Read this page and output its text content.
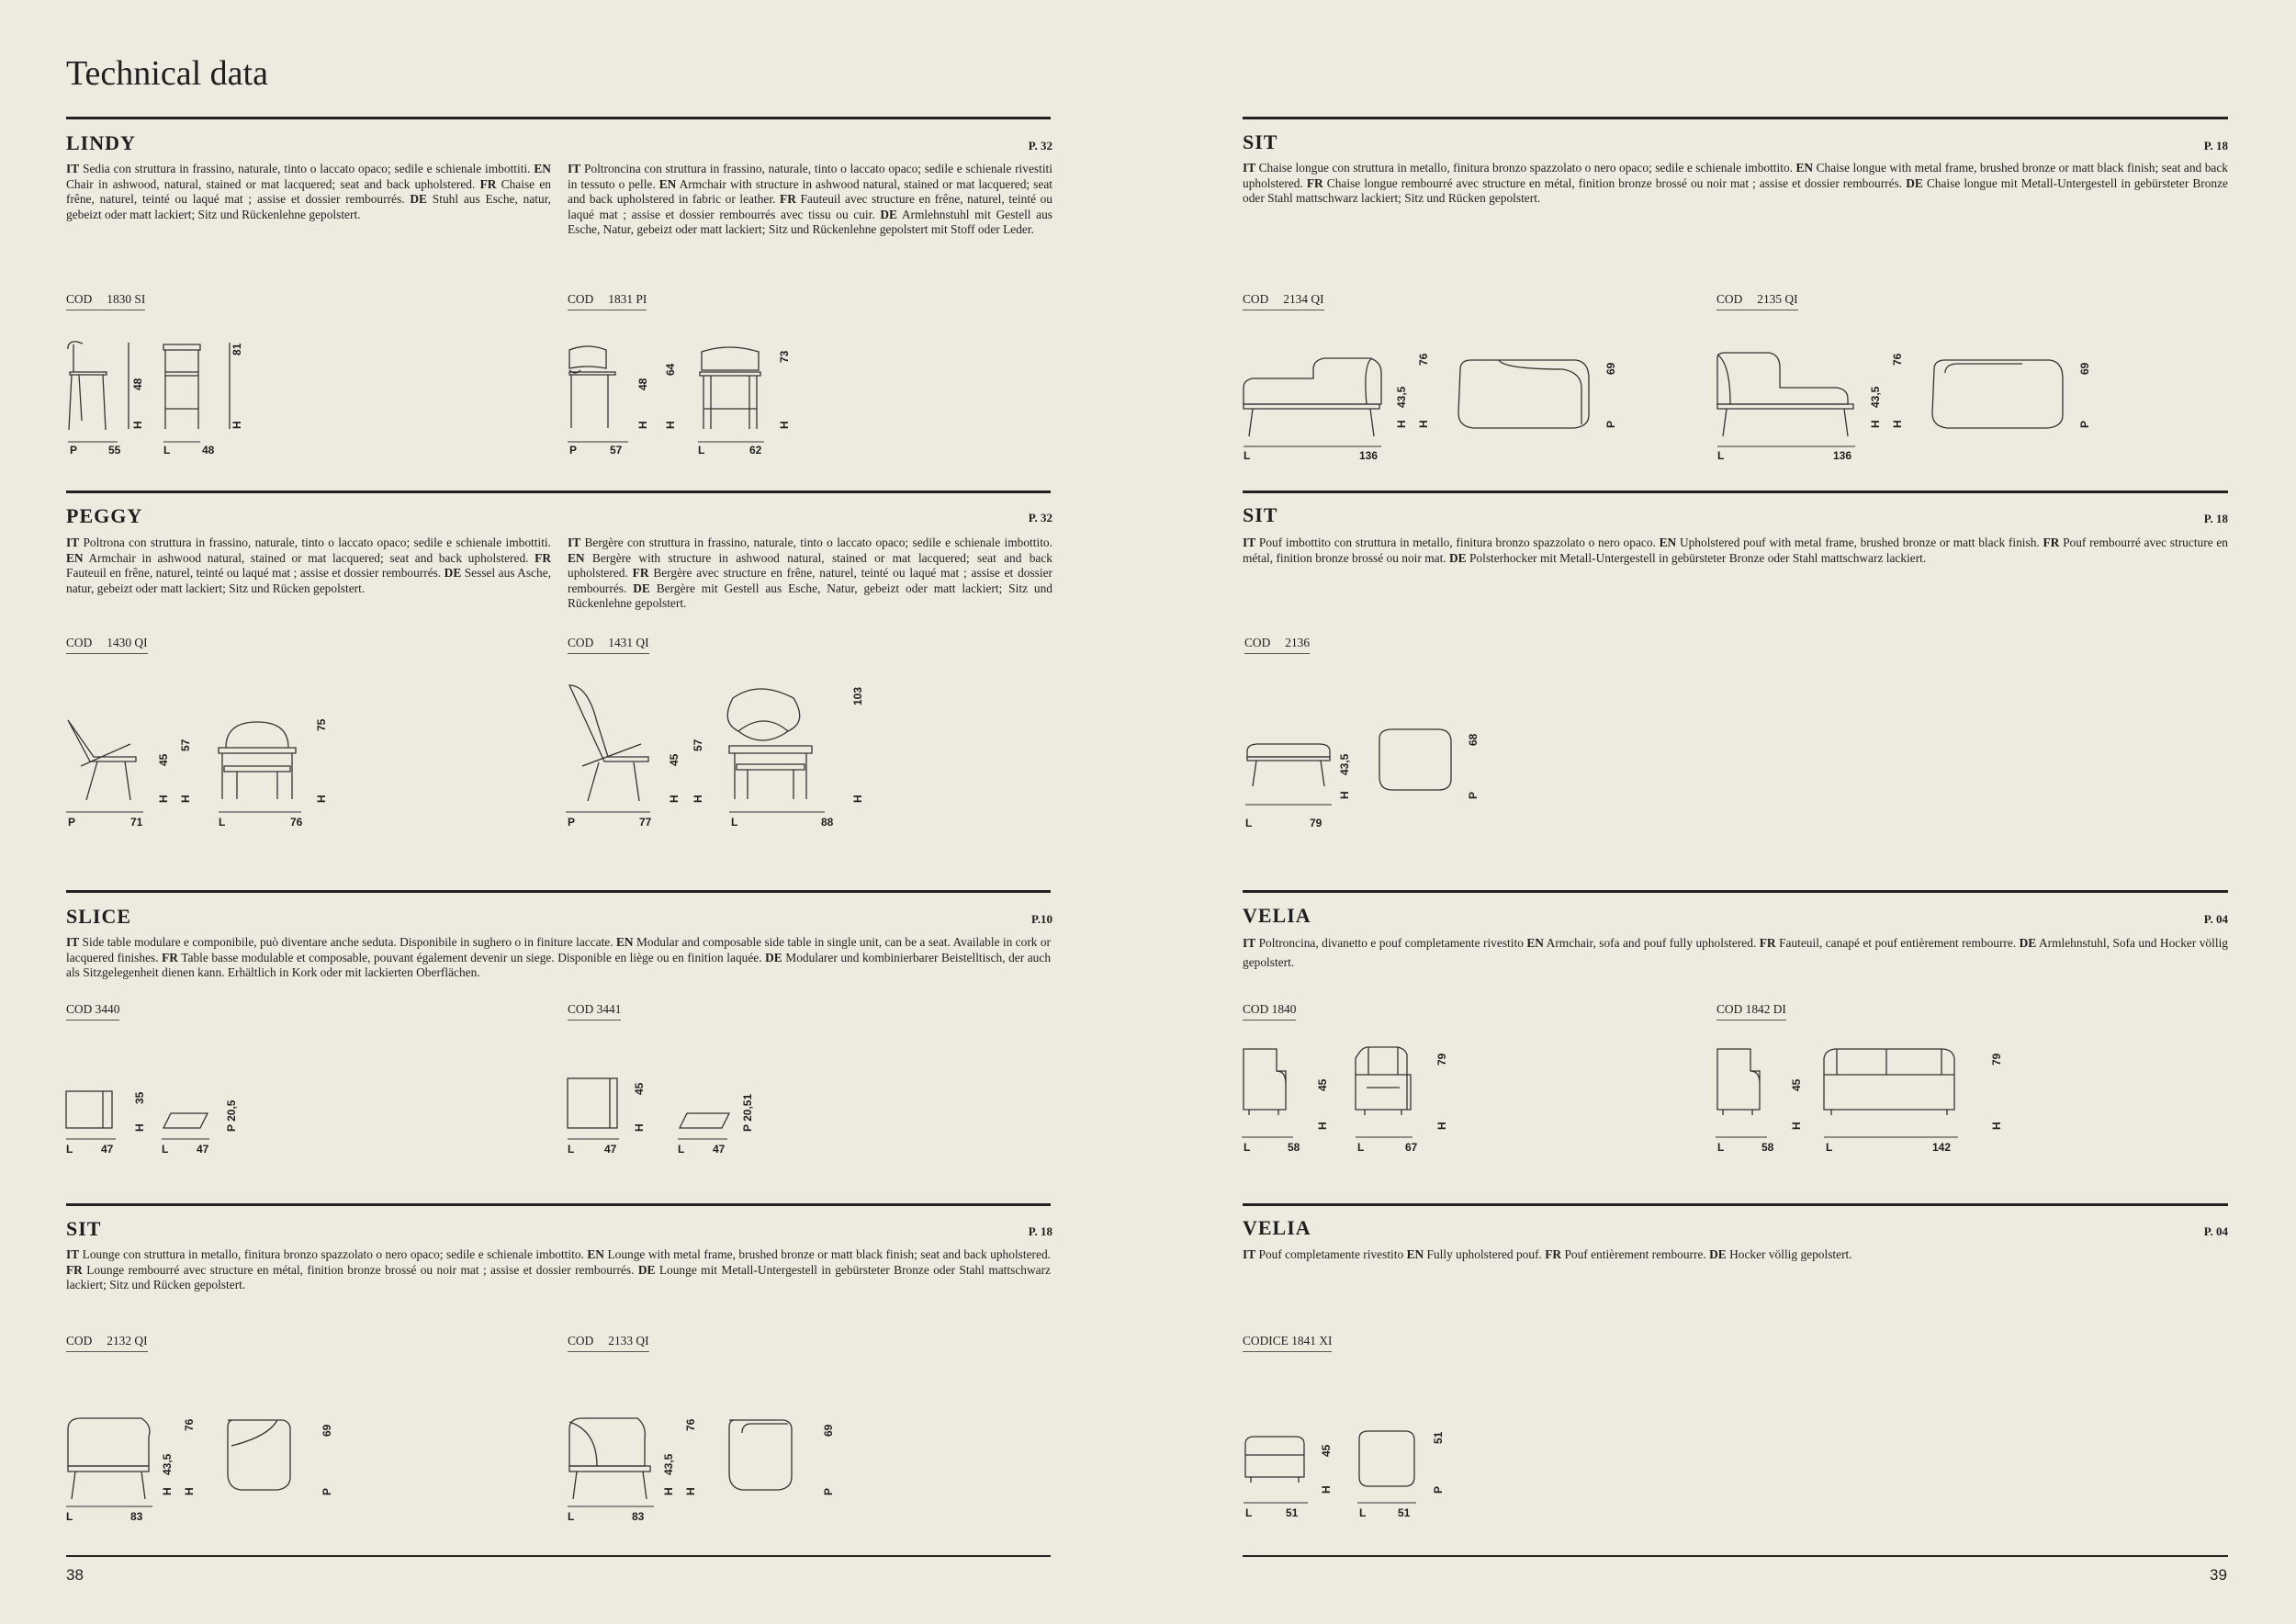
Technical data
LINDY	P. 32
IT Sedia con struttura in frassino, naturale, tinto o laccato opaco; sedile e schienale imbottiti. EN Chair in ashwood, natural, stained or mat lacquered; seat and back upholstered. FR Chaise en frêne, naturel, teinté ou laqué mat ; assise et dossier rembourrés. DE Stuhl aus Esche, natur, gebeizt oder matt lackiert; Sitz und Rückenlehne gepolstert.
IT Poltroncina con struttura in frassino, naturale, tinto o laccato opaco; sedile e schienale rivestiti in tessuto o pelle. EN Armchair with structure in ashwood natural, stained or mat lacquered; seat and back upholstered in fabric or leather. FR Fauteuil avec structure en frêne, naturel, teinté ou laqué mat ; assise et dossier rembourrés avec tissu ou cuir. DE Armlehnstuhl mit Gestell aus Esche, Natur, gebeizt oder matt lackiert; Sitz und Rückenlehne gepolstert mit Stoff oder Leder.
COD 1830 SI	COD 1831 PI
P	55	L	48
H
48
H
81
P	57	L	62
H
48
H
64
H
73
PEGGY	P. 32
IT Poltrona con struttura in frassino, naturale, tinto o laccato opaco; sedile e schienale imbottiti. EN Armchair in ashwood natural, stained or mat lacquered; seat and back upholstered. FR Fauteuil en frêne, naturel, teinté ou laqué mat ; assise et dossier rembourrés. DE Sessel aus Asche, natur, gebeizt oder matt lackiert; Sitz und Rücken gepolstert.
IT Bergère con struttura in frassino, naturale, tinto o laccato opaco; sedile e schienale imbottito. EN Bergère with structure in ashwood natural, stained or mat lacquered; seat and back upholstered. FR Bergère avec structure en frêne, naturel, teinté ou laqué mat ; assise et dossier rembourrés. DE Bergère mit Gestell aus Esche, Natur, gebeizt oder matt lackiert; Sitz und Rückenlehne gepolstert.
COD 1430 QI	COD 1431 QI
P	71	L	76
H
45
H
57
H
75
P	77	L	88
H
45
H
57
H
103
SLICE	P.10
IT Side table modulare e componibile, può diventare anche seduta. Disponibile in sughero o in finiture laccate. EN Modular and composable side table in single unit, can be a seat. Available in cork or lacquered finishes. FR Table basse modulable et composable, pouvant également devenir un siege. Disponible en liège ou en finition laquée. DE Modularer und kombinierbarer Beistelltisch, der auch als Sitzgelegenheit dienen kann. Erhältlich in Kork oder mit lackierten Oberflächen.
COD 3440	COD 3441
L	47	L	47
H
35
P 20,5
L	47	L	47
H
45
P 20,51
SIT	P. 18
IT Lounge con struttura in metallo, finitura bronzo spazzolato o nero opaco; sedile e schienale imbottito. EN Lounge with metal frame, brushed bronze or matt black finish; seat and back upholstered. FR Lounge rembourré avec structure en métal, finition bronze brossé ou noir mat ; assise et dossier rembourrés. DE Lounge mit Metall-Untergestell in gebürsteter Bronze oder Stahl mattschwarz lackiert; Sitz und Rücken gepolstert.
COD 2132 QI	COD 2133 QI
L	83
H
43,5
H
76
P
69
L	83
H
43,5
H
76
P
69
38
SIT	P. 18
IT Chaise longue con struttura in metallo, finitura bronzo spazzolato o nero opaco; sedile e schienale imbottito. EN Chaise longue with metal frame, brushed bronze or matt black finish; seat and back upholstered. FR Chaise longue rembourré avec structure en métal, finition bronze brossé ou noir mat ; assise et dossier rembourrés. DE Chaise longue mit Metall-Untergestell in gebürsteter Bronze oder Stahl mattschwarz lackiert; Sitz und Rücken gepolstert.
COD 2134 QI	COD 2135 QI
L	136
H
43,5
H
76
P
69
L	136
H
43,5
H
76
P
69
SIT	P. 18
IT Pouf imbottito con struttura in metallo, finitura bronzo spazzolato o nero opaco. EN Upholstered pouf with metal frame, brushed bronze or matt black finish. FR Pouf rembourré avec structure en métal, finition bronze brossé ou noir mat. DE Polsterhocker mit Metall-Untergestell in gebürsteter Bronze oder Stahl mattschwarz lackiert.
COD 2136
L	79
H
43,5
P
68
VELIA	P. 04
IT Poltroncina, divanetto e pouf completamente rivestito EN Armchair, sofa and pouf fully upholstered. FR Fauteuil, canapé et pouf entièrement rembourre. DE Armlehnstuhl, Sofa und Hocker völlig gepolstert.
COD 1840	COD 1842 DI
L	58	L	67
H
45
H
79
L	58	L	142
H
45
H
79
VELIA	P. 04
IT Pouf completamente rivestito EN Fully upholstered pouf. FR Pouf entièrement rembourre. DE Hocker völlig gepolstert.
CODICE 1841 XI
L	51	L	51
H
45
P
51
39
